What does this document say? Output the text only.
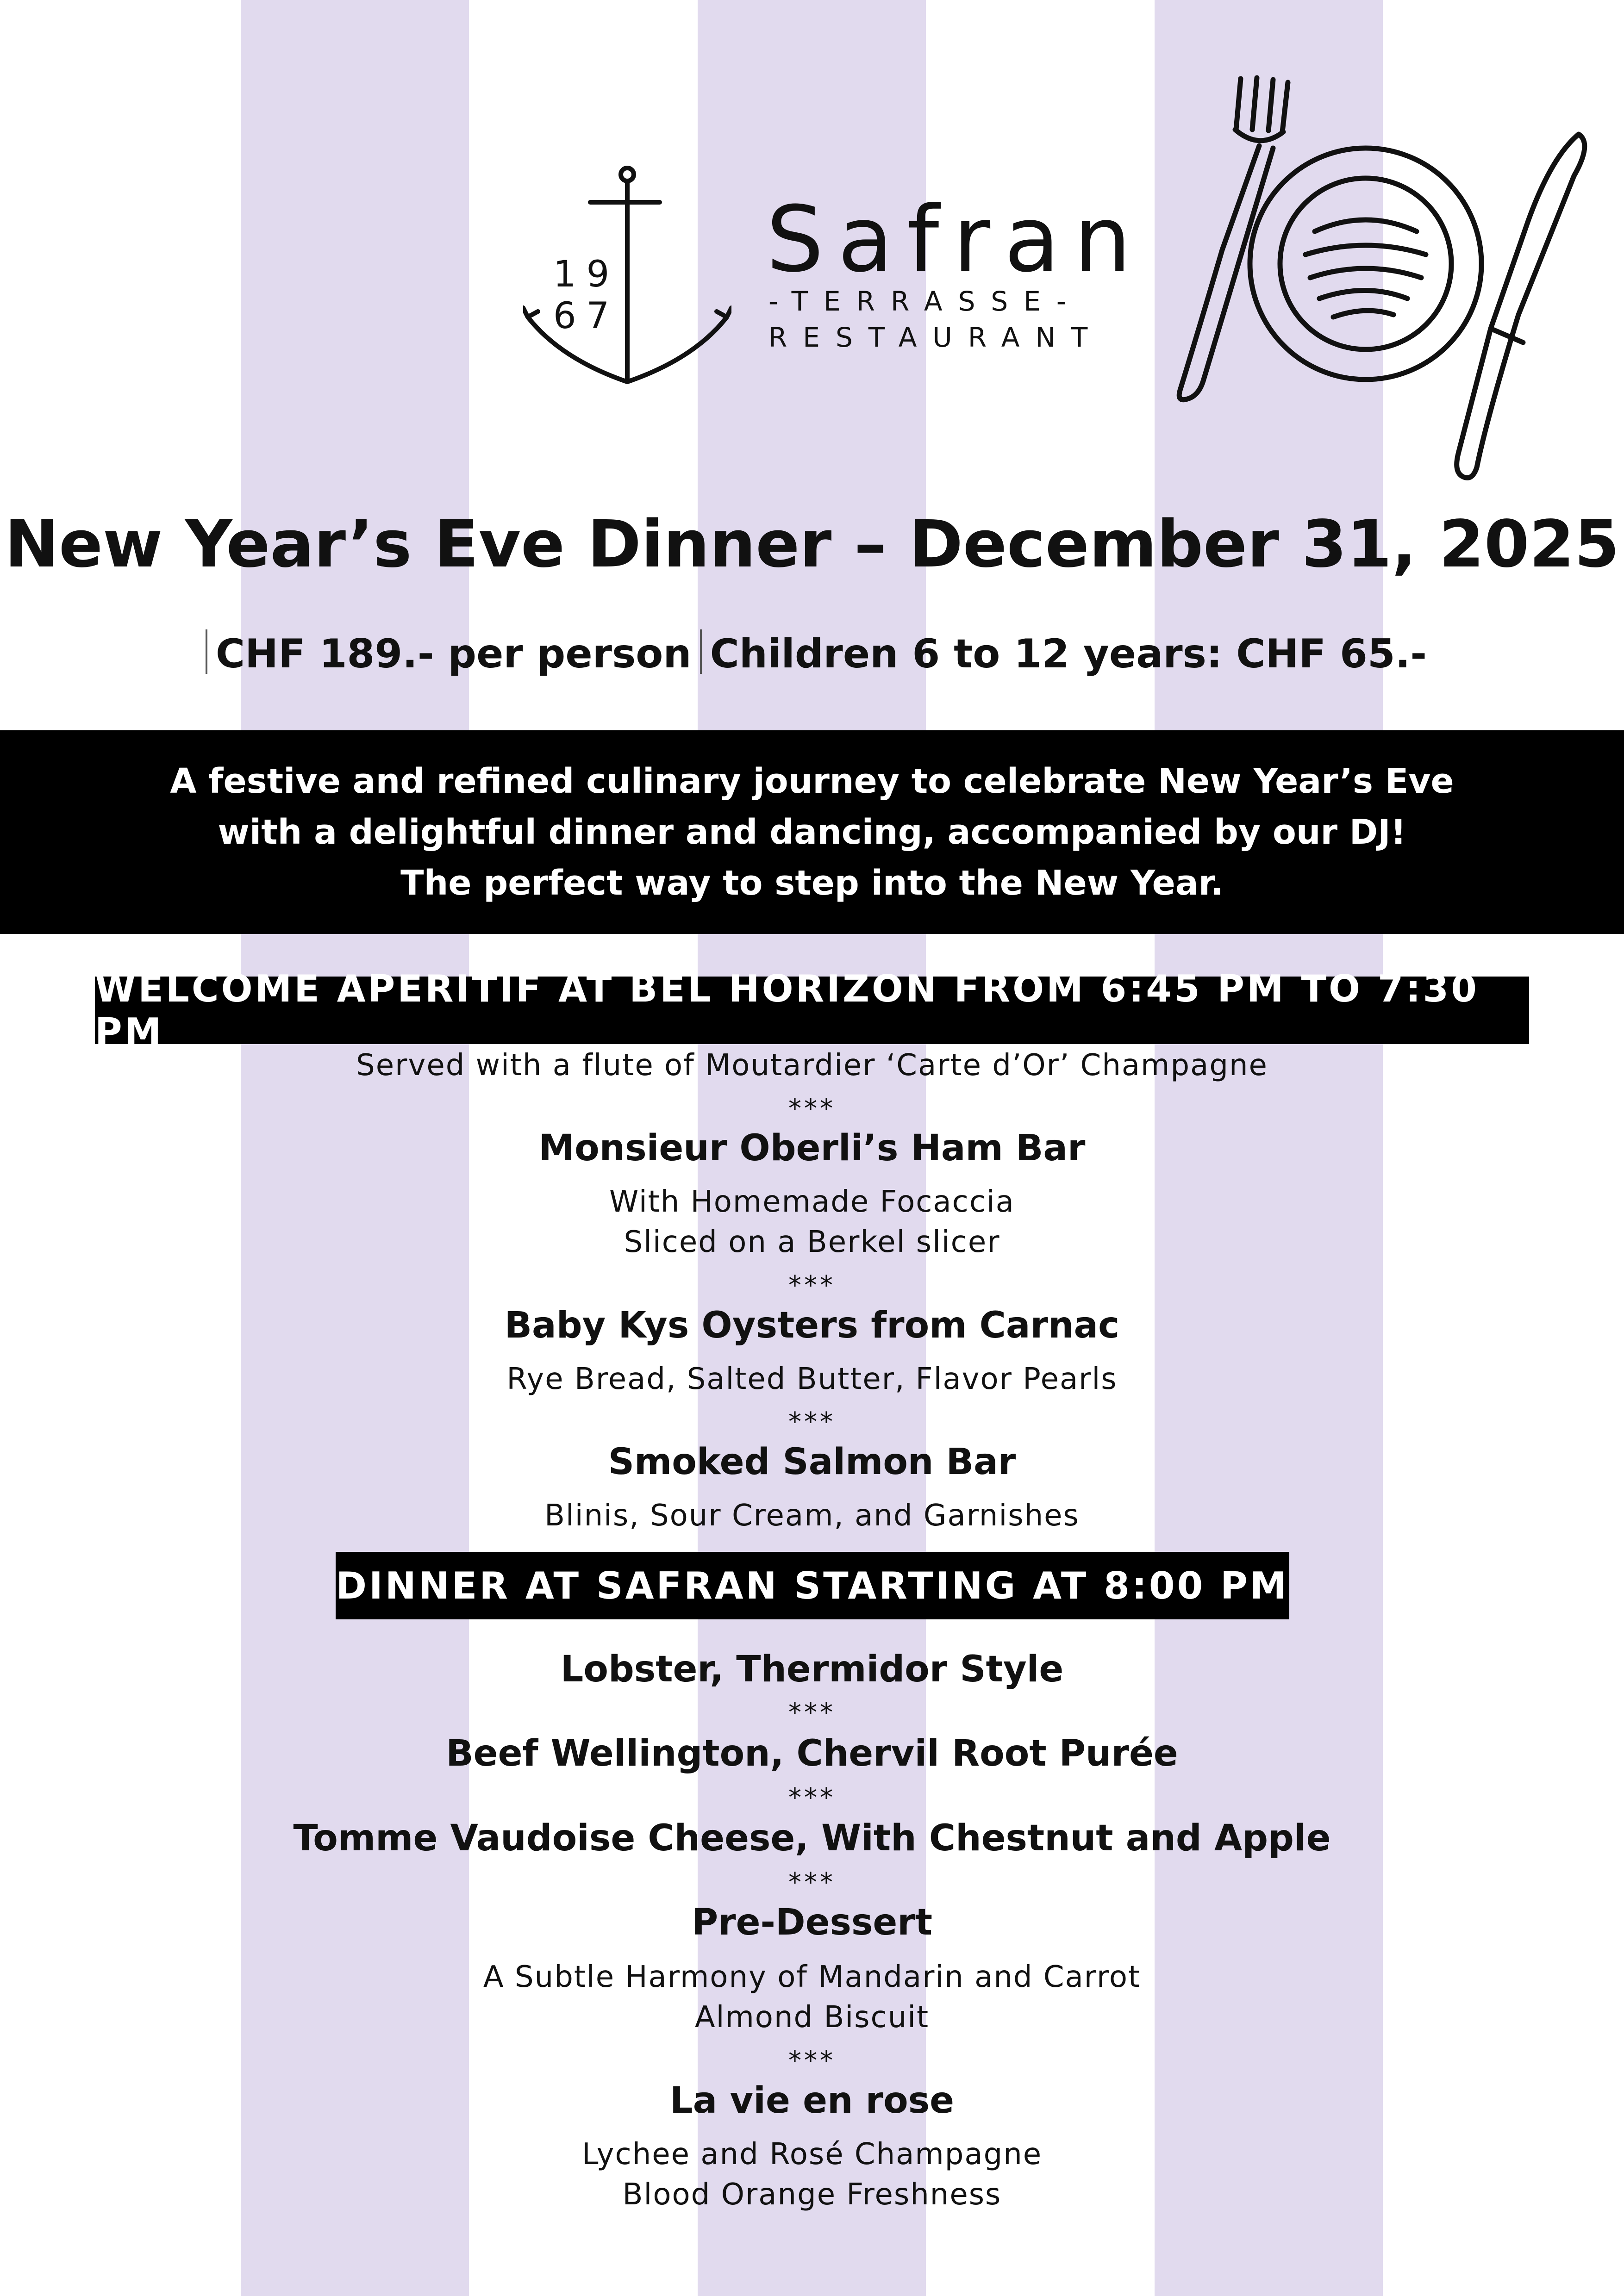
1967
Safran
-TERRASSE-
RESTAURANT
New Year’s Eve Dinner – December 31, 2025
CHF 189.- per person Children 6 to 12 years: CHF 65.-
A festive and refined culinary journey to celebrate New Year’s Eve
with a delightful dinner and dancing, accompanied by our DJ!
The perfect way to step into the New Year.
WELCOME APERITIF AT BEL HORIZON FROM 6:45 PM TO 7:30 PM
Served with a flute of Moutardier ‘Carte d’Or’ Champagne
***
Monsieur Oberli’s Ham Bar
With Homemade Focaccia
Sliced on a Berkel slicer
***
Baby Kys Oysters from Carnac
Rye Bread, Salted Butter, Flavor Pearls
***
Smoked Salmon Bar
Blinis, Sour Cream, and Garnishes
DINNER AT SAFRAN STARTING AT 8:00 PM
Lobster, Thermidor Style
***
Beef Wellington, Chervil Root Purée
***
Tomme Vaudoise Cheese, With Chestnut and Apple
***
Pre-Dessert
A Subtle Harmony of Mandarin and Carrot
Almond Biscuit
***
La vie en rose
Lychee and Rosé Champagne
Blood Orange Freshness
